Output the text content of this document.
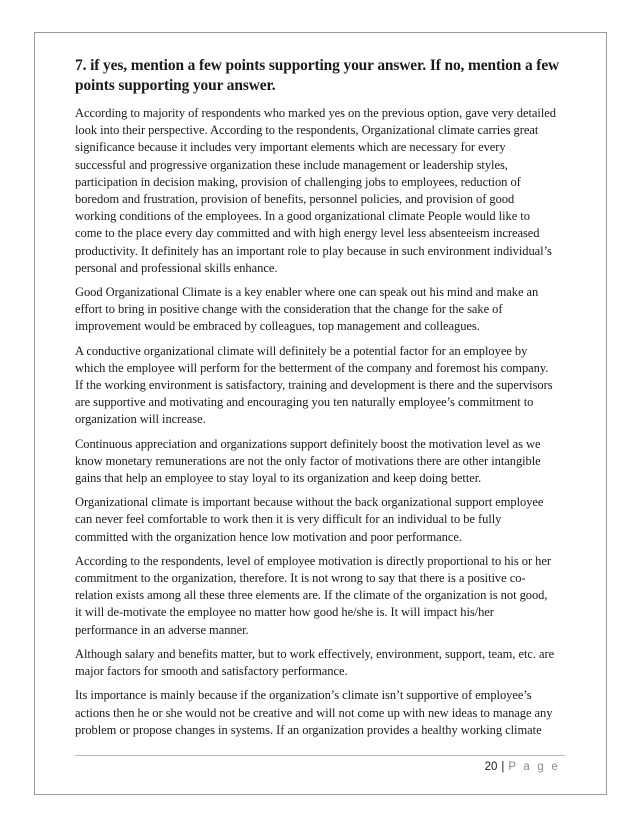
7. if yes, mention a few points supporting your answer. If no, mention a few
points supporting your answer.
According to majority of respondents who marked yes on the previous option, gave very detailed
look into their perspective. According to the respondents, Organizational climate carries great
significance because it includes very important elements which are necessary for every
successful and progressive organization these include management or leadership styles,
participation in decision making, provision of challenging jobs to employees, reduction of
boredom and frustration, provision of benefits, personnel policies, and provision of good
working conditions of the employees. In a good organizational climate People would like to
come to the place every day committed and with high energy level less absenteeism increased
productivity. It definitely has an important role to play because in such environment individual’s
personal and professional skills enhance.
Good Organizational Climate is a key enabler where one can speak out his mind and make an
effort to bring in positive change with the consideration that the change for the sake of
improvement would be embraced by colleagues, top management and colleagues.
A conductive organizational climate will definitely be a potential factor for an employee by
which the employee will perform for the betterment of the company and foremost his company.
If the working environment is satisfactory, training and development is there and the supervisors
are supportive and motivating and encouraging you ten naturally employee’s commitment to
organization will increase.
Continuous appreciation and organizations support definitely boost the motivation level as we
know monetary remunerations are not the only factor of motivations there are other intangible
gains that help an employee to stay loyal to its organization and keep doing better.
Organizational climate is important because without the back organizational support employee
can never feel comfortable to work then it is very difficult for an individual to be fully
committed with the organization hence low motivation and poor performance.
According to the respondents, level of employee motivation is directly proportional to his or her
commitment to the organization, therefore. It is not wrong to say that there is a positive co-
relation exists among all these three elements are. If the climate of the organization is not good,
it will de-motivate the employee no matter how good he/she is. It will impact his/her
performance in an adverse manner.
Although salary and benefits matter, but to work effectively, environment, support, team, etc. are
major factors for smooth and satisfactory performance.
Its importance is mainly because if the organization’s climate isn’t supportive of employee’s
actions then he or she would not be creative and will not come up with new ideas to manage any
problem or propose changes in systems. If an organization provides a healthy working climate
20 | P a g e
